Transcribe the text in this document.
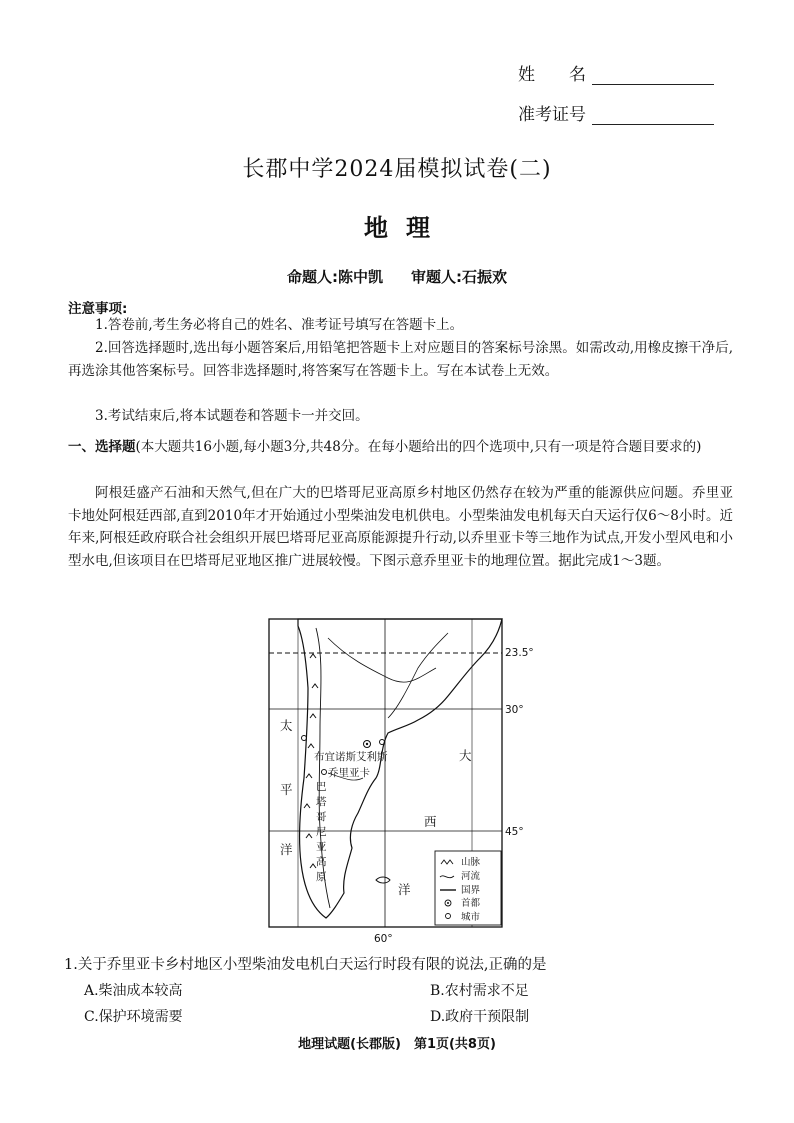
姓　　名
准考证号
长郡中学2024届模拟试卷(二)
地理
命题人:陈中凯 审题人:石振欢
注意事项:
1.答卷前,考生务必将自己的姓名、准考证号填写在答题卡上。
2.回答选择题时,选出每小题答案后,用铅笔把答题卡上对应题目的答案标号涂黑。如需改动,用橡皮擦干净后,再选涂其他答案标号。回答非选择题时,将答案写在答题卡上。写在本试卷上无效。
3.考试结束后,将本试题卷和答题卡一并交回。
一、选择题(本大题共16小题,每小题3分,共48分。在每小题给出的四个选项中,只有一项是符合题目要求的)
阿根廷盛产石油和天然气,但在广大的巴塔哥尼亚高原乡村地区仍然存在较为严重的能源供应问题。乔里亚卡地处阿根廷西部,直到2010年才开始通过小型柴油发电机供电。小型柴油发电机每天白天运行仅6～8小时。近年来,阿根廷政府联合社会组织开展巴塔哥尼亚高原能源提升行动,以乔里亚卡等三地作为试点,开发小型风电和小型水电,但该项目在巴塔哥尼亚地区推广进展较慢。下图示意乔里亚卡的地理位置。据此完成1～3题。
布宜诺斯艾利斯
乔里亚卡
太
平
洋
大
西
洋
巴
塔
哥
尼
亚
高
原
23.5°
30°
45°
60°
山脉
河流
国界
首都
城市
1.关于乔里亚卡乡村地区小型柴油发电机白天运行时段有限的说法,正确的是
A.柴油成本较高	B.农村需求不足
C.保护环境需要	D.政府干预限制
地理试题(长郡版)　第1页(共8页)
